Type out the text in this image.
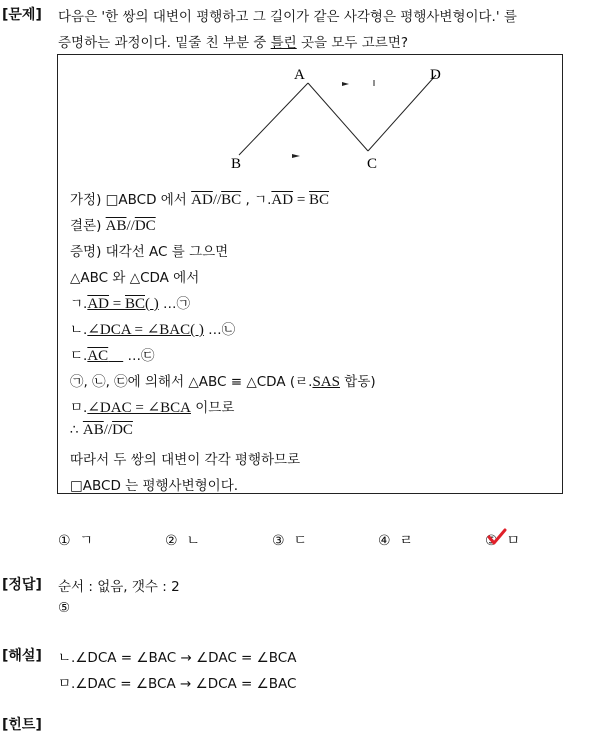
[문제] 다음은 '한 쌍의 대변이 평행하고 그 길이가 같은 사각형은 평행사변형이다.' 를
증명하는 과정이다. 밑줄 친 부분 중 틀린 곳을 모두 고르면?
A	D
B	C
가정) □ABCD 에서 $\overline{AD}//\overline{BC}$ , ㄱ$.\overline{AD} = \overline{BC}$
결론) $\overline{AB}//\overline{DC}$
증명) 대각선 AC 를 그으면
△ABC 와 △CDA 에서
ㄱ.AD = BC( ) …㉠
ㄴ.∠DCA = ∠BAC( ) …㉡
ㄷ.AC     …㉢
㉠, ㉡, ㉢에 의해서 △ABC ≡ △CDA (ㄹ.SAS 합동)
ㅁ.∠DAC = ∠BCA 이므로
∴ $\overline{AB}//\overline{DC}$
따라서 두 쌍의 대변이 각각 평행하므로
□ABCD 는 평행사변형이다.
① ㄱ	② ㄴ	③ ㄷ	④ ㄹ	⑤ ㅁ
[정답] 순서 : 없음, 갯수 : 2
⑤
[해설] ㄴ.∠DCA = ∠BAC → ∠DAC = ∠BCA
ㅁ.∠DAC = ∠BCA → ∠DCA = ∠BAC
[힌트]
